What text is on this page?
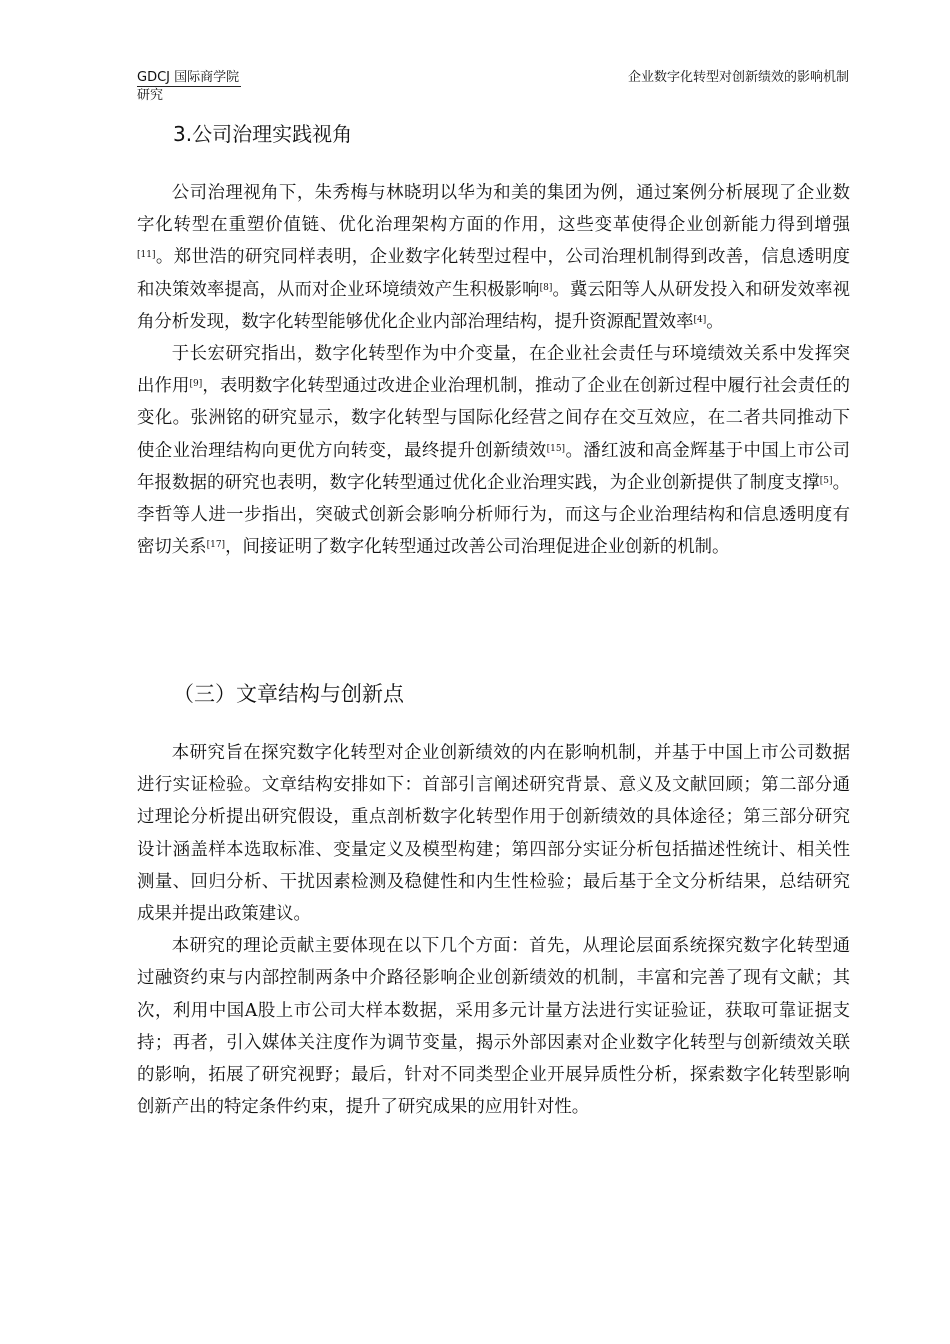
GDCJ 国际商学院
研究
企业数字化转型对创新绩效的影响机制
3.公司治理实践视角

公司治理视角下，朱秀梅与林晓玥以华为和美的集团为例，通过案例分析展现了企业数字化转型在重塑价值链、优化治理架构方面的作用，这些变革使得企业创新能力得到增强[11]。郑世浩的研究同样表明，企业数字化转型过程中，公司治理机制得到改善，信息透明度和决策效率提高，从而对企业环境绩效产生积极影响[8]。冀云阳等人从研发投入和研发效率视角分析发现，数字化转型能够优化企业内部治理结构，提升资源配置效率[4]。

于长宏研究指出，数字化转型作为中介变量，在企业社会责任与环境绩效关系中发挥突出作用[9]，表明数字化转型通过改进企业治理机制，推动了企业在创新过程中履行社会责任的变化。张洲铭的研究显示，数字化转型与国际化经营之间存在交互效应，在二者共同推动下使企业治理结构向更优方向转变，最终提升创新绩效[15]。潘红波和高金辉基于中国上市公司年报数据的研究也表明，数字化转型通过优化企业治理实践，为企业创新提供了制度支撑[5]。李哲等人进一步指出，突破式创新会影响分析师行为，而这与企业治理结构和信息透明度有密切关系[17]，间接证明了数字化转型通过改善公司治理促进企业创新的机制。

（三）文章结构与创新点

本研究旨在探究数字化转型对企业创新绩效的内在影响机制，并基于中国上市公司数据进行实证检验。文章结构安排如下：首部引言阐述研究背景、意义及文献回顾；第二部分通过理论分析提出研究假设，重点剖析数字化转型作用于创新绩效的具体途径；第三部分研究设计涵盖样本选取标准、变量定义及模型构建；第四部分实证分析包括描述性统计、相关性测量、回归分析、干扰因素检测及稳健性和内生性检验；最后基于全文分析结果，总结研究成果并提出政策建议。

本研究的理论贡献主要体现在以下几个方面：首先，从理论层面系统探究数字化转型通过融资约束与内部控制两条中介路径影响企业创新绩效的机制，丰富和完善了现有文献；其次，利用中国A股上市公司大样本数据，采用多元计量方法进行实证验证，获取可靠证据支持；再者，引入媒体关注度作为调节变量，揭示外部因素对企业数字化转型与创新绩效关联的影响，拓展了研究视野；最后，针对不同类型企业开展异质性分析，探索数字化转型影响创新产出的特定条件约束，提升了研究成果的应用针对性。
